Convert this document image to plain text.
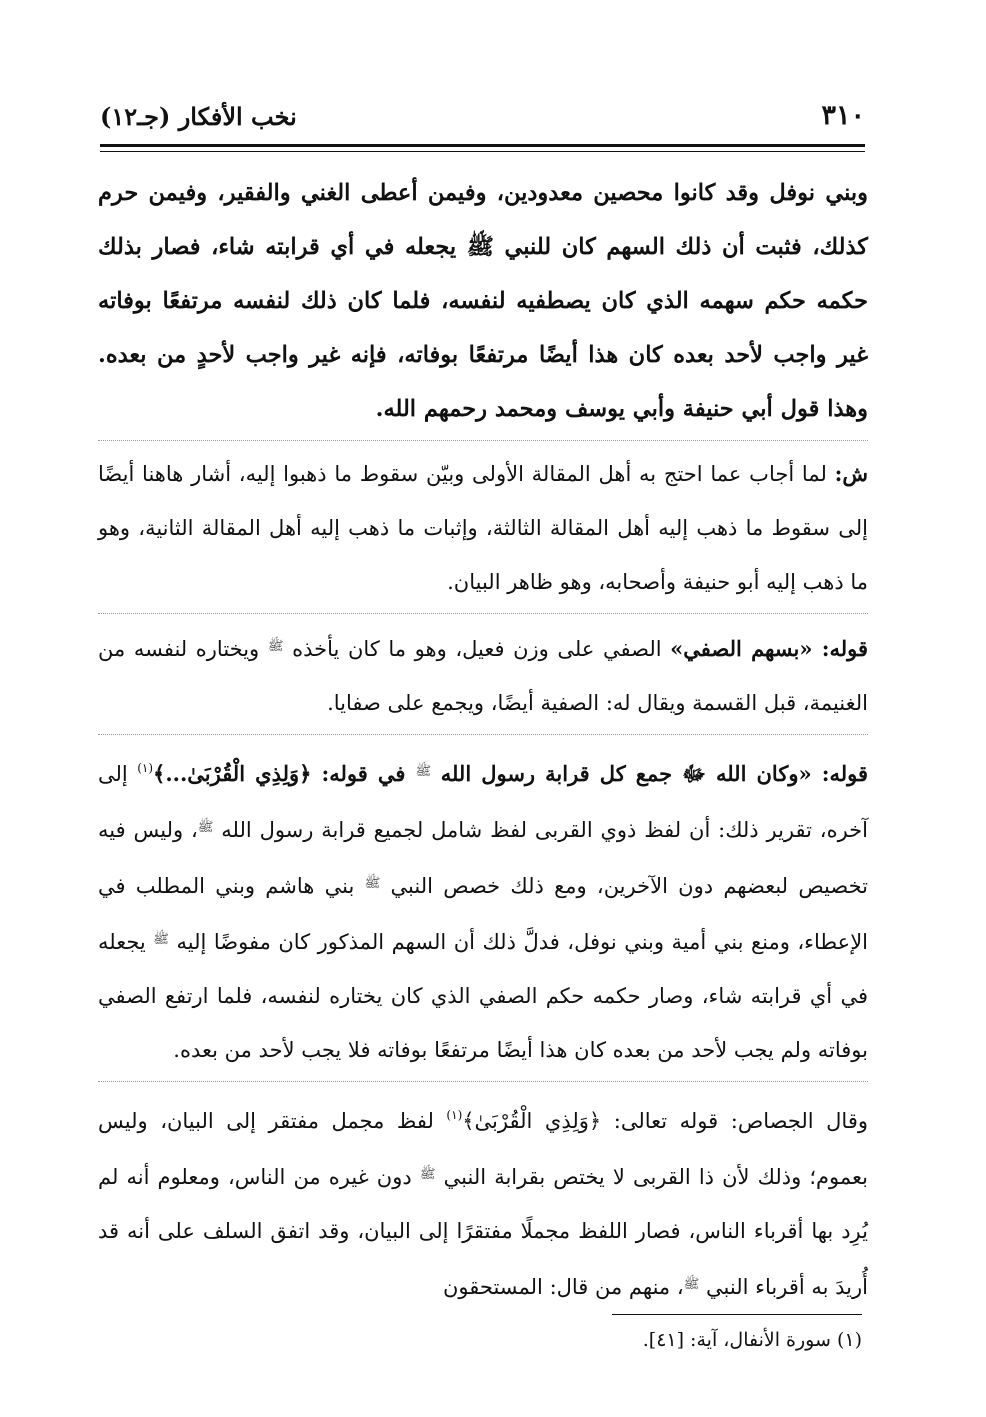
٣١٠
نخب الأفكار (جـ١٢)

وبني نوفل وقد كانوا محصين معدودين، وفيمن أعطى الغني والفقير، وفيمن حرم كذلك، فثبت أن ذلك السهم كان للنبي ﷺ يجعله في أي قرابته شاء، فصار بذلك حكمه حكم سهمه الذي كان يصطفيه لنفسه، فلما كان ذلك لنفسه مرتفعًا بوفاته غير واجب لأحد بعده كان هذا أيضًا مرتفعًا بوفاته، فإنه غير واجب لأحدٍ من بعده. وهذا قول أبي حنيفة وأبي يوسف ومحمد رحمهم الله.

ش: لما أجاب عما احتج به أهل المقالة الأولى وبيّن سقوط ما ذهبوا إليه، أشار هاهنا أيضًا إلى سقوط ما ذهب إليه أهل المقالة الثالثة، وإثبات ما ذهب إليه أهل المقالة الثانية، وهو ما ذهب إليه أبو حنيفة وأصحابه، وهو ظاهر البيان.

قوله: «بسهم الصفي» الصفي على وزن فعيل، وهو ما كان يأخذه $^ﷺ$ ويختاره لنفسه من الغنيمة، قبل القسمة ويقال له: الصفية أيضًا، ويجمع على صفايا.

قوله: «وكان الله ﷻ جمع كل قرابة رسول الله $^ﷺ$ في قوله: ﴿وَلِذِي الْقُرْبَىٰ...﴾$^{(١)}$ إلى آخره، تقرير ذلك: أن لفظ ذوي القربى لفظ شامل لجميع قرابة رسول الله $^ﷺ$، وليس فيه تخصيص لبعضهم دون الآخرين، ومع ذلك خصص النبي $^ﷺ$ بني هاشم وبني المطلب في الإعطاء، ومنع بني أمية وبني نوفل، فدلَّ ذلك أن السهم المذكور كان مفوضًا إليه $^ﷺ$ يجعله في أي قرابته شاء، وصار حكمه حكم الصفي الذي كان يختاره لنفسه، فلما ارتفع الصفي بوفاته ولم يجب لأحد من بعده كان هذا أيضًا مرتفعًا بوفاته فلا يجب لأحد من بعده.

وقال الجصاص: قوله تعالى: ﴿وَلِذِي الْقُرْبَىٰ﴾$^{(١)}$ لفظ مجمل مفتقر إلى البيان، وليس بعموم؛ وذلك لأن ذا القربى لا يختص بقرابة النبي $^ﷺ$ دون غيره من الناس، ومعلوم أنه لم يُرِد بها أقرباء الناس، فصار اللفظ مجملًا مفتقرًا إلى البيان، وقد اتفق السلف على أنه قد أُريدَ به أقرباء النبي $^ﷺ$، منهم من قال: المستحقون

(١) سورة الأنفال، آية: [٤١].
